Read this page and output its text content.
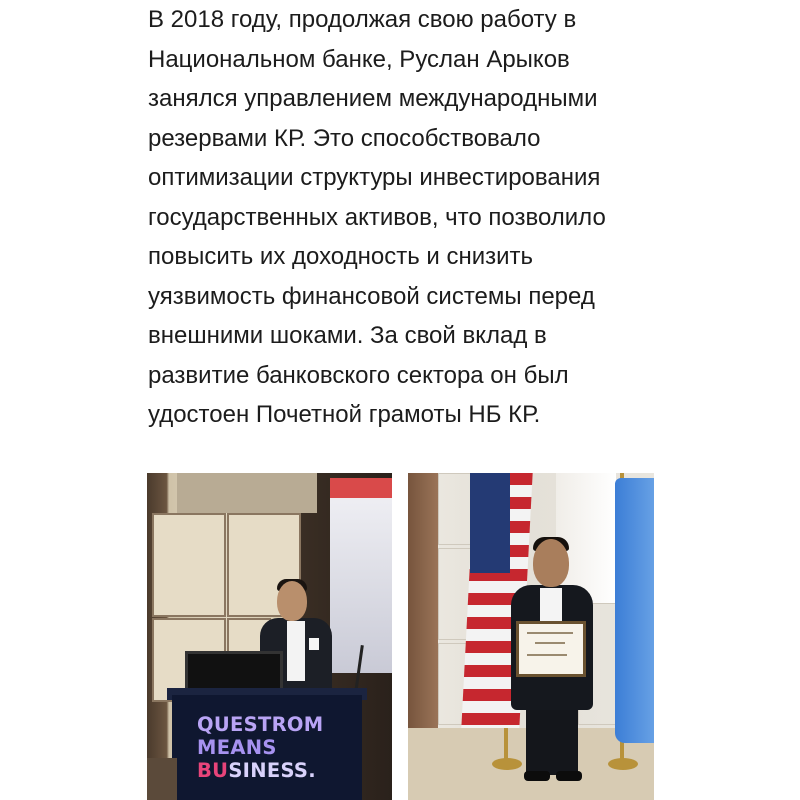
В 2018 году, продолжая свою работу в
Национальном банке, Руслан Арыков
занялся управлением международными
резервами КР. Это способствовало
оптимизации структуры инвестирования
государственных активов, что позволило
повысить их доходность и снизить
уязвимость финансовой системы перед
внешними шоками. За свой вклад в
развитие банковского сектора он был
удостоен Почетной грамоты НБ КР.
QUESTROM
MEANS
BUSINESS.
